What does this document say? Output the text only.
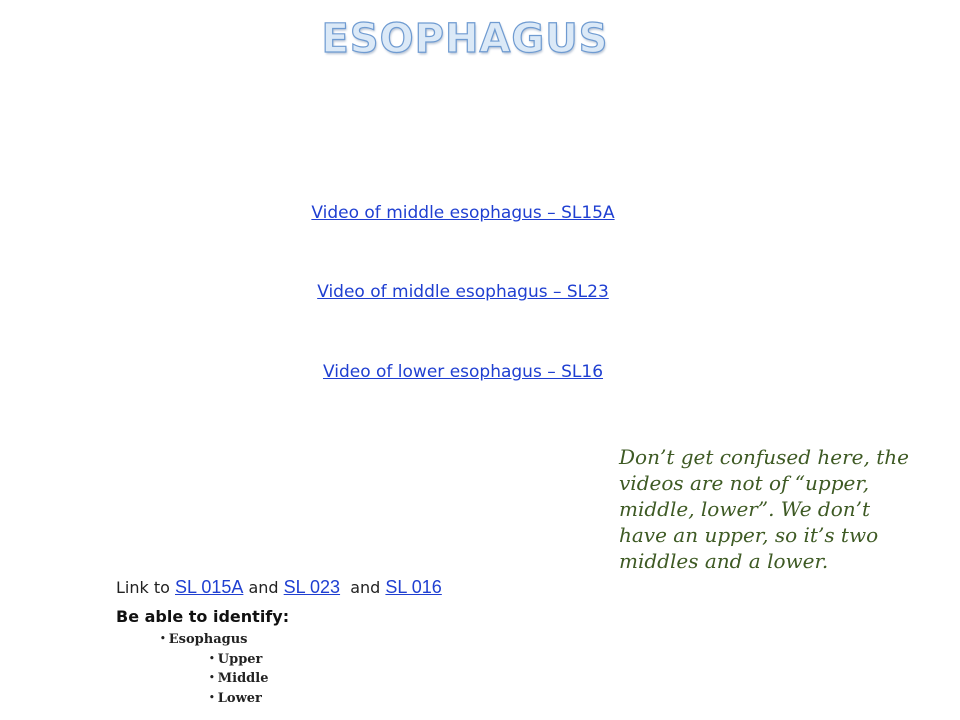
ESOPHAGUS
Video of middle esophagus – SL15A
Video of middle esophagus – SL23
Video of lower esophagus – SL16
Don’t get confused here, the videos are not of “upper, middle, lower”. We don’t have an upper, so it’s two middles and a lower.
Link to SL 015A and SL 023  and SL 016
Be able to identify:
• Esophagus
• Upper
• Middle
• Lower
